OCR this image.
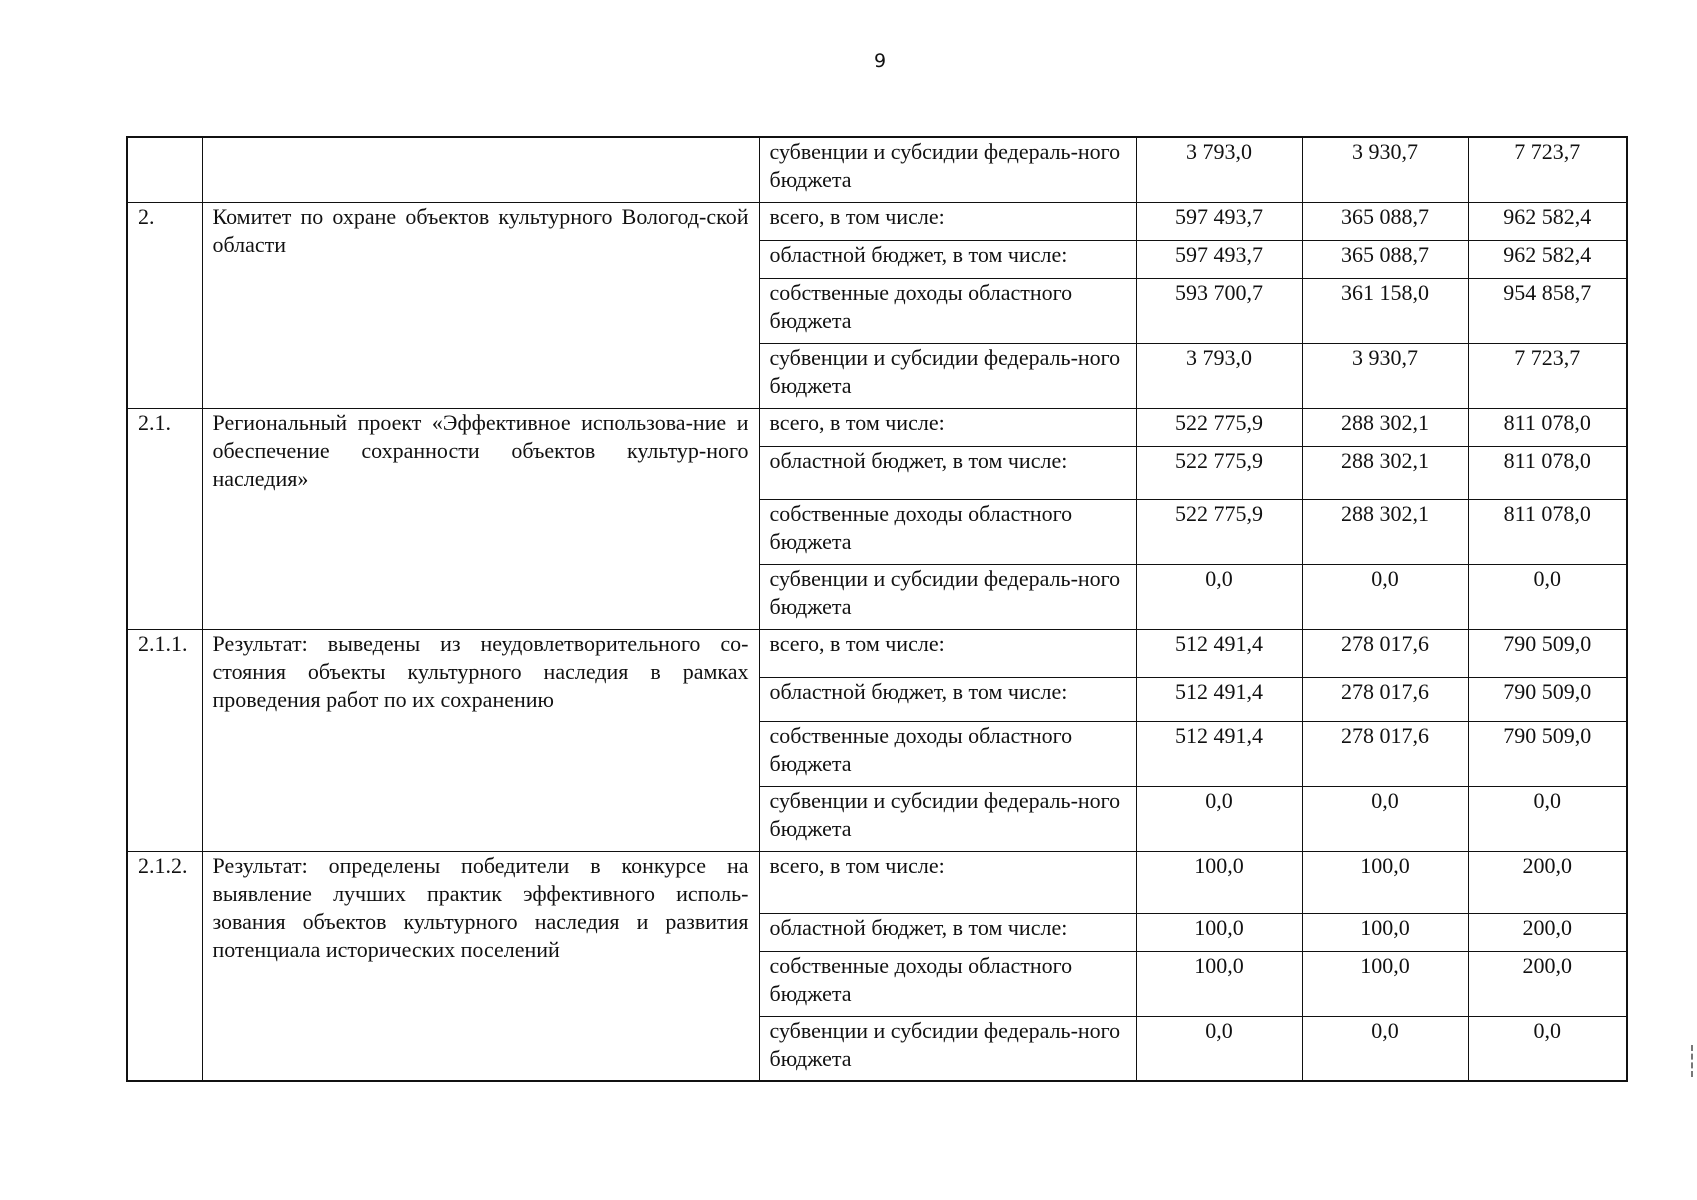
9
		субвенции и субсидии федераль-ного бюджета	3 793,0	3 930,7	7 723,7
2.	Комитет по охране объектов культурного Вологод-ской области	всего, в том числе:	597 493,7	365 088,7	962 582,4
		областной бюджет, в том числе:	597 493,7	365 088,7	962 582,4
		собственные доходы областного бюджета	593 700,7	361 158,0	954 858,7
		субвенции и субсидии федераль-ного бюджета	3 793,0	3 930,7	7 723,7
2.1.	Региональный проект «Эффективное использова-ние и обеспечение сохранности объектов культур-ного наследия»	всего, в том числе:	522 775,9	288 302,1	811 078,0
		областной бюджет, в том числе:	522 775,9	288 302,1	811 078,0
		собственные доходы областного бюджета	522 775,9	288 302,1	811 078,0
		субвенции и субсидии федераль-ного бюджета	0,0	0,0	0,0
2.1.1.	Результат: выведены из неудовлетворительного со-стояния объекты культурного наследия в рамках проведения работ по их сохранению	всего, в том числе:	512 491,4	278 017,6	790 509,0
		областной бюджет, в том числе:	512 491,4	278 017,6	790 509,0
		собственные доходы областного бюджета	512 491,4	278 017,6	790 509,0
		субвенции и субсидии федераль-ного бюджета	0,0	0,0	0,0
2.1.2.	Результат: определены победители в конкурсе на выявление лучших практик эффективного исполь-зования объектов культурного наследия и развития потенциала исторических поселений	всего, в том числе:	100,0	100,0	200,0
		областной бюджет, в том числе:	100,0	100,0	200,0
		собственные доходы областного бюджета	100,0	100,0	200,0
		субвенции и субсидии федераль-ного бюджета	0,0	0,0	0,0
